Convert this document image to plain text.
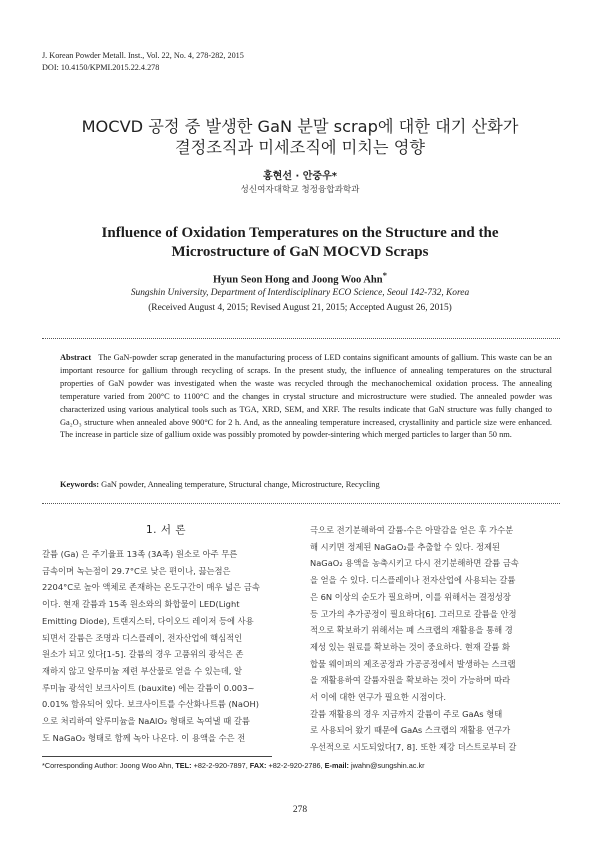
J. Korean Powder Metall. Inst., Vol. 22, No. 4, 278-282, 2015
DOI: 10.4150/KPMI.2015.22.4.278
MOCVD 공정 중 발생한 GaN 분말 scrap에 대한 대기 산화가
결정조직과 미세조직에 미치는 영향
홍현선 · 안중우*
성신여자대학교 청정융합과학과
Influence of Oxidation Temperatures on the Structure and the
Microstructure of GaN MOCVD Scraps
Hyun Seon Hong and Joong Woo Ahn*
Sungshin University, Department of Interdisciplinary ECO Science, Seoul 142-732, Korea
(Received August 4, 2015; Revised August 21, 2015; Accepted August 26, 2015)
Abstract The GaN-powder scrap generated in the manufacturing process of LED contains significant amounts of gallium. This waste can be an important resource for gallium through recycling of scraps. In the present study, the influence of annealing temperatures on the structural properties of GaN powder was investigated when the waste was recycled through the mechanochemical oxidation process. The annealing temperature varied from 200°C to 1100°C and the changes in crystal structure and microstructure were studied. The annealed powder was characterized using various analytical tools such as TGA, XRD, SEM, and XRF. The results indicate that GaN structure was fully changed to Ga₂O₃ structure when annealed above 900°C for 2 h. And, as the annealing temperature increased, crystallinity and particle size were enhanced. The increase in particle size of gallium oxide was possibly promoted by powder-sintering which merged particles to larger than 50 nm.
Keywords: GaN powder, Annealing temperature, Structural change, Microstructure, Recycling
1. 서 론
갈륨 (Ga) 은 주기율표 13족 (3A족) 원소로 아주 무른
금속이며 녹는점이 29.7°C로 낮은 편이나, 끓는점은
2204°C로 높아 액체로 존재하는 온도구간이 매우 넓은 금속
이다. 현재 갈륨과 15족 원소와의 화합물이 LED(Light
Emitting Diode), 트랜지스터, 다이오드 레이저 등에 사용
되면서 갈륨은 조명과 디스플레이, 전자산업에 핵심적인
원소가 되고 있다[1-5]. 갈륨의 경우 고품위의 광석은 존
재하지 않고 알루미늄 제련 부산물로 얻을 수 있는데, 알
루미늄 광석인 보크사이트 (bauxite) 에는 갈륨이 0.003~
0.01% 함유되어 있다. 보크사이트를 수산화나트륨 (NaOH)
으로 처리하여 알루미늄을 NaAlO₂ 형태로 녹여낼 때 갈륨
도 NaGaO₂ 형태로 함께 녹아 나온다. 이 용액을 수은 전
극으로 전기분해하여 갈륨-수은 아말감을 얻은 후 가수분
해 시키면 정제된 NaGaO₂를 추출할 수 있다. 정제된
NaGaO₂ 용액을 농축시키고 다시 전기분해하면 갈륨 금속
을 얻을 수 있다. 디스플레이나 전자산업에 사용되는 갈륨
은 6N 이상의 순도가 필요하며, 이를 위해서는 결정성장
등 고가의 추가공정이 필요하다[6]. 그러므로 갈륨을 안정
적으로 확보하기 위해서는 폐 스크랩의 재활용을 통해 경
제성 있는 원료를 확보하는 것이 중요하다. 현재 갈륨 화
합물 웨이퍼의 제조공정과 가공공정에서 발생하는 스크랩
을 재활용하여 갈륨자원을 확보하는 것이 가능하며 따라
서 이에 대한 연구가 필요한 시점이다.
갈륨 재활용의 경우 지금까지 갈륨이 주로 GaAs 형태
로 사용되어 왔기 때문에 GaAs 스크랩의 재활용 연구가
우선적으로 시도되었다[7, 8]. 또한 제강 더스트로부터 갈
*Corresponding Author: Joong Woo Ahn, TEL: +82-2-920-7897, FAX: +82-2-920-2786, E-mail: jwahn@sungshin.ac.kr
278
